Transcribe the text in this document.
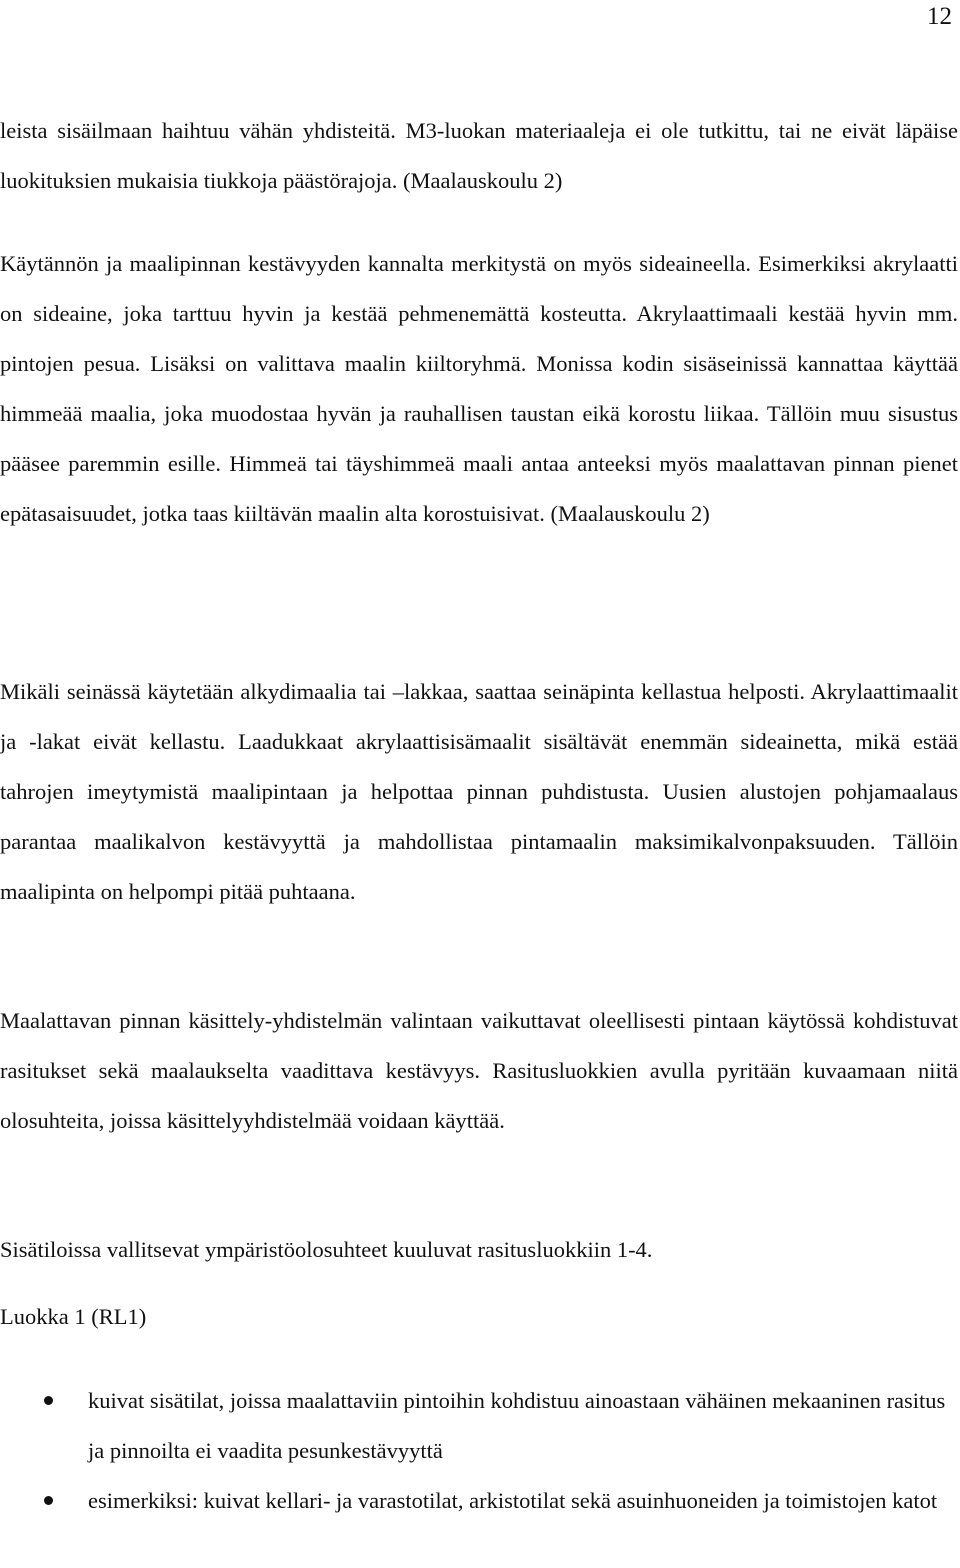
12

leista sisäilmaan haihtuu vähän yhdisteitä. M3-luokan materiaaleja ei ole tutkittu, tai ne eivät läpäise luokituksien mukaisia tiukkoja päästörajoja. (Maalauskoulu 2)

Käytännön ja maalipinnan kestävyyden kannalta merkitystä on myös sideaineella. Esimerkiksi akrylaatti on sideaine, joka tarttuu hyvin ja kestää pehmenemättä kosteutta. Akrylaattimaali kestää hyvin mm. pintojen pesua. Lisäksi on valittava maalin kiiltoryhmä. Monissa kodin sisäseinissä kannattaa käyttää himmeää maalia, joka muodostaa hyvän ja rauhallisen taustan eikä korostu liikaa. Tällöin muu sisustus pääsee paremmin esille. Himmeä tai täyshimmeä maali antaa anteeksi myös maalattavan pinnan pienet epätasaisuudet, jotka taas kiiltävän maalin alta korostuisivat. (Maalauskoulu 2)

Mikäli seinässä käytetään alkydimaalia tai –lakkaa, saattaa seinäpinta kellastua helposti. Akrylaattimaalit ja -lakat eivät kellastu. Laadukkaat akrylaattisisämaalit sisältävät enemmän sideainetta, mikä estää tahrojen imeytymistä maalipintaan ja helpottaa pinnan puhdistusta. Uusien alustojen pohjamaalaus parantaa maalikalvon kestävyyttä ja mahdollistaa pintamaalin maksimikalvonpaksuuden. Tällöin maalipinta on helpompi pitää puhtaana.

Maalattavan pinnan käsittely-yhdistelmän valintaan vaikuttavat oleellisesti pintaan käytössä kohdistuvat rasitukset sekä maalaukselta vaadittava kestävyys. Rasitusluokkien avulla pyritään kuvaamaan niitä olosuhteita, joissa käsittelyyhdistelmää voidaan käyttää.

Sisätiloissa vallitsevat ympäristöolosuhteet kuuluvat rasitusluokkiin 1-4.

Luokka 1 (RL1)

kuivat sisätilat, joissa maalattaviin pintoihin kohdistuu ainoastaan vähäinen mekaaninen rasitus ja pinnoilta ei vaadita pesunkestävyyttä
esimerkiksi: kuivat kellari- ja varastotilat, arkistotilat sekä asuinhuoneiden ja toimistojen katot
